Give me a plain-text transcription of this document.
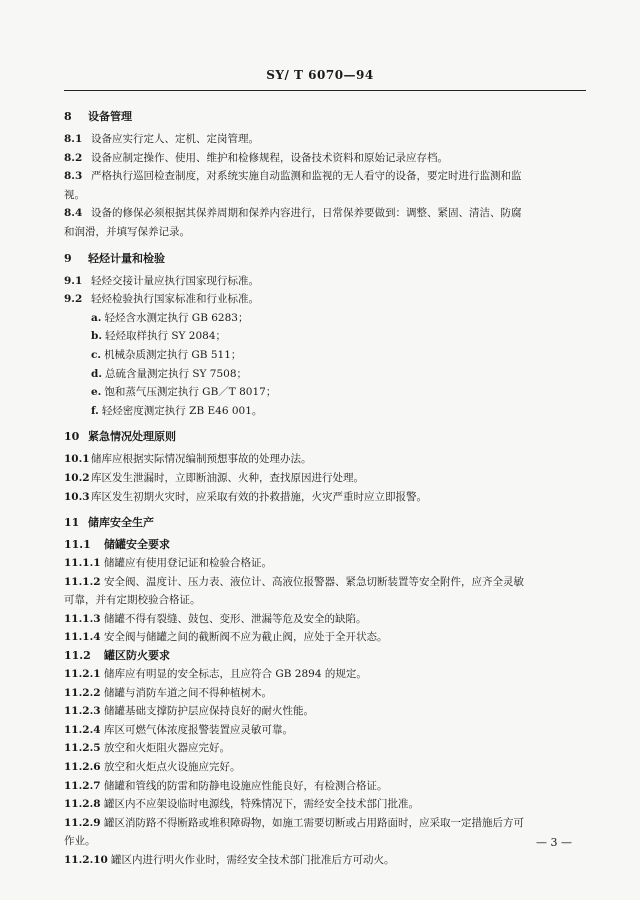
SY/ T 6070—94
8 设备管理
8.1 设备应实行定人、定机、定岗管理。
8.2 设备应制定操作、使用、维护和检修规程，设备技术资料和原始记录应存档。
8.3 严格执行巡回检查制度，对系统实施自动监测和监视的无人看守的设备，要定时进行监测和监
视。
8.4 设备的修保必须根据其保养周期和保养内容进行，日常保养要做到：调整、紧固、清洁、防腐
和润滑，并填写保养记录。
9 轻烃计量和检验
9.1 轻烃交接计量应执行国家现行标准。
9.2 轻烃检验执行国家标准和行业标准。
a. 轻烃含水测定执行 GB 6283；
b. 轻烃取样执行 SY 2084；
c. 机械杂质测定执行 GB 511；
d. 总硫含量测定执行 SY 7508；
e. 饱和蒸气压测定执行 GB／T 8017；
f. 轻烃密度测定执行 ZB E46 001。
10 紧急情况处理原则
10.1储库应根据实际情况编制预想事故的处理办法。
10.2库区发生泄漏时，立即断油源、火种，查找原因进行处理。
10.3库区发生初期火灾时，应采取有效的扑救措施，火灾严重时应立即报警。
11 储库安全生产
11.1 储罐安全要求
11.1.1 储罐应有使用登记证和检验合格证。
11.1.2 安全阀、温度计、压力表、液位计、高液位报警器、紧急切断装置等安全附件，应齐全灵敏
可靠，并有定期校验合格证。
11.1.3 储罐不得有裂缝、鼓包、变形、泄漏等危及安全的缺陷。
11.1.4 安全阀与储罐之间的截断阀不应为截止阀，应处于全开状态。
11.2 罐区防火要求
11.2.1 储库应有明显的安全标志，且应符合 GB 2894 的规定。
11.2.2 储罐与消防车道之间不得种植树木。
11.2.3 储罐基础支撑防护层应保持良好的耐火性能。
11.2.4 库区可燃气体浓度报警装置应灵敏可靠。
11.2.5 放空和火炬阻火器应完好。
11.2.6 放空和火炬点火设施应完好。
11.2.7 储罐和管线的防雷和防静电设施应性能良好，有检测合格证。
11.2.8 罐区内不应架设临时电源线，特殊情况下，需经安全技术部门批准。
11.2.9 罐区消防路不得断路或堆积障碍物，如施工需要切断或占用路面时，应采取一定措施后方可
作业。
11.2.10 罐区内进行明火作业时，需经安全技术部门批准后方可动火。
— 3 —
